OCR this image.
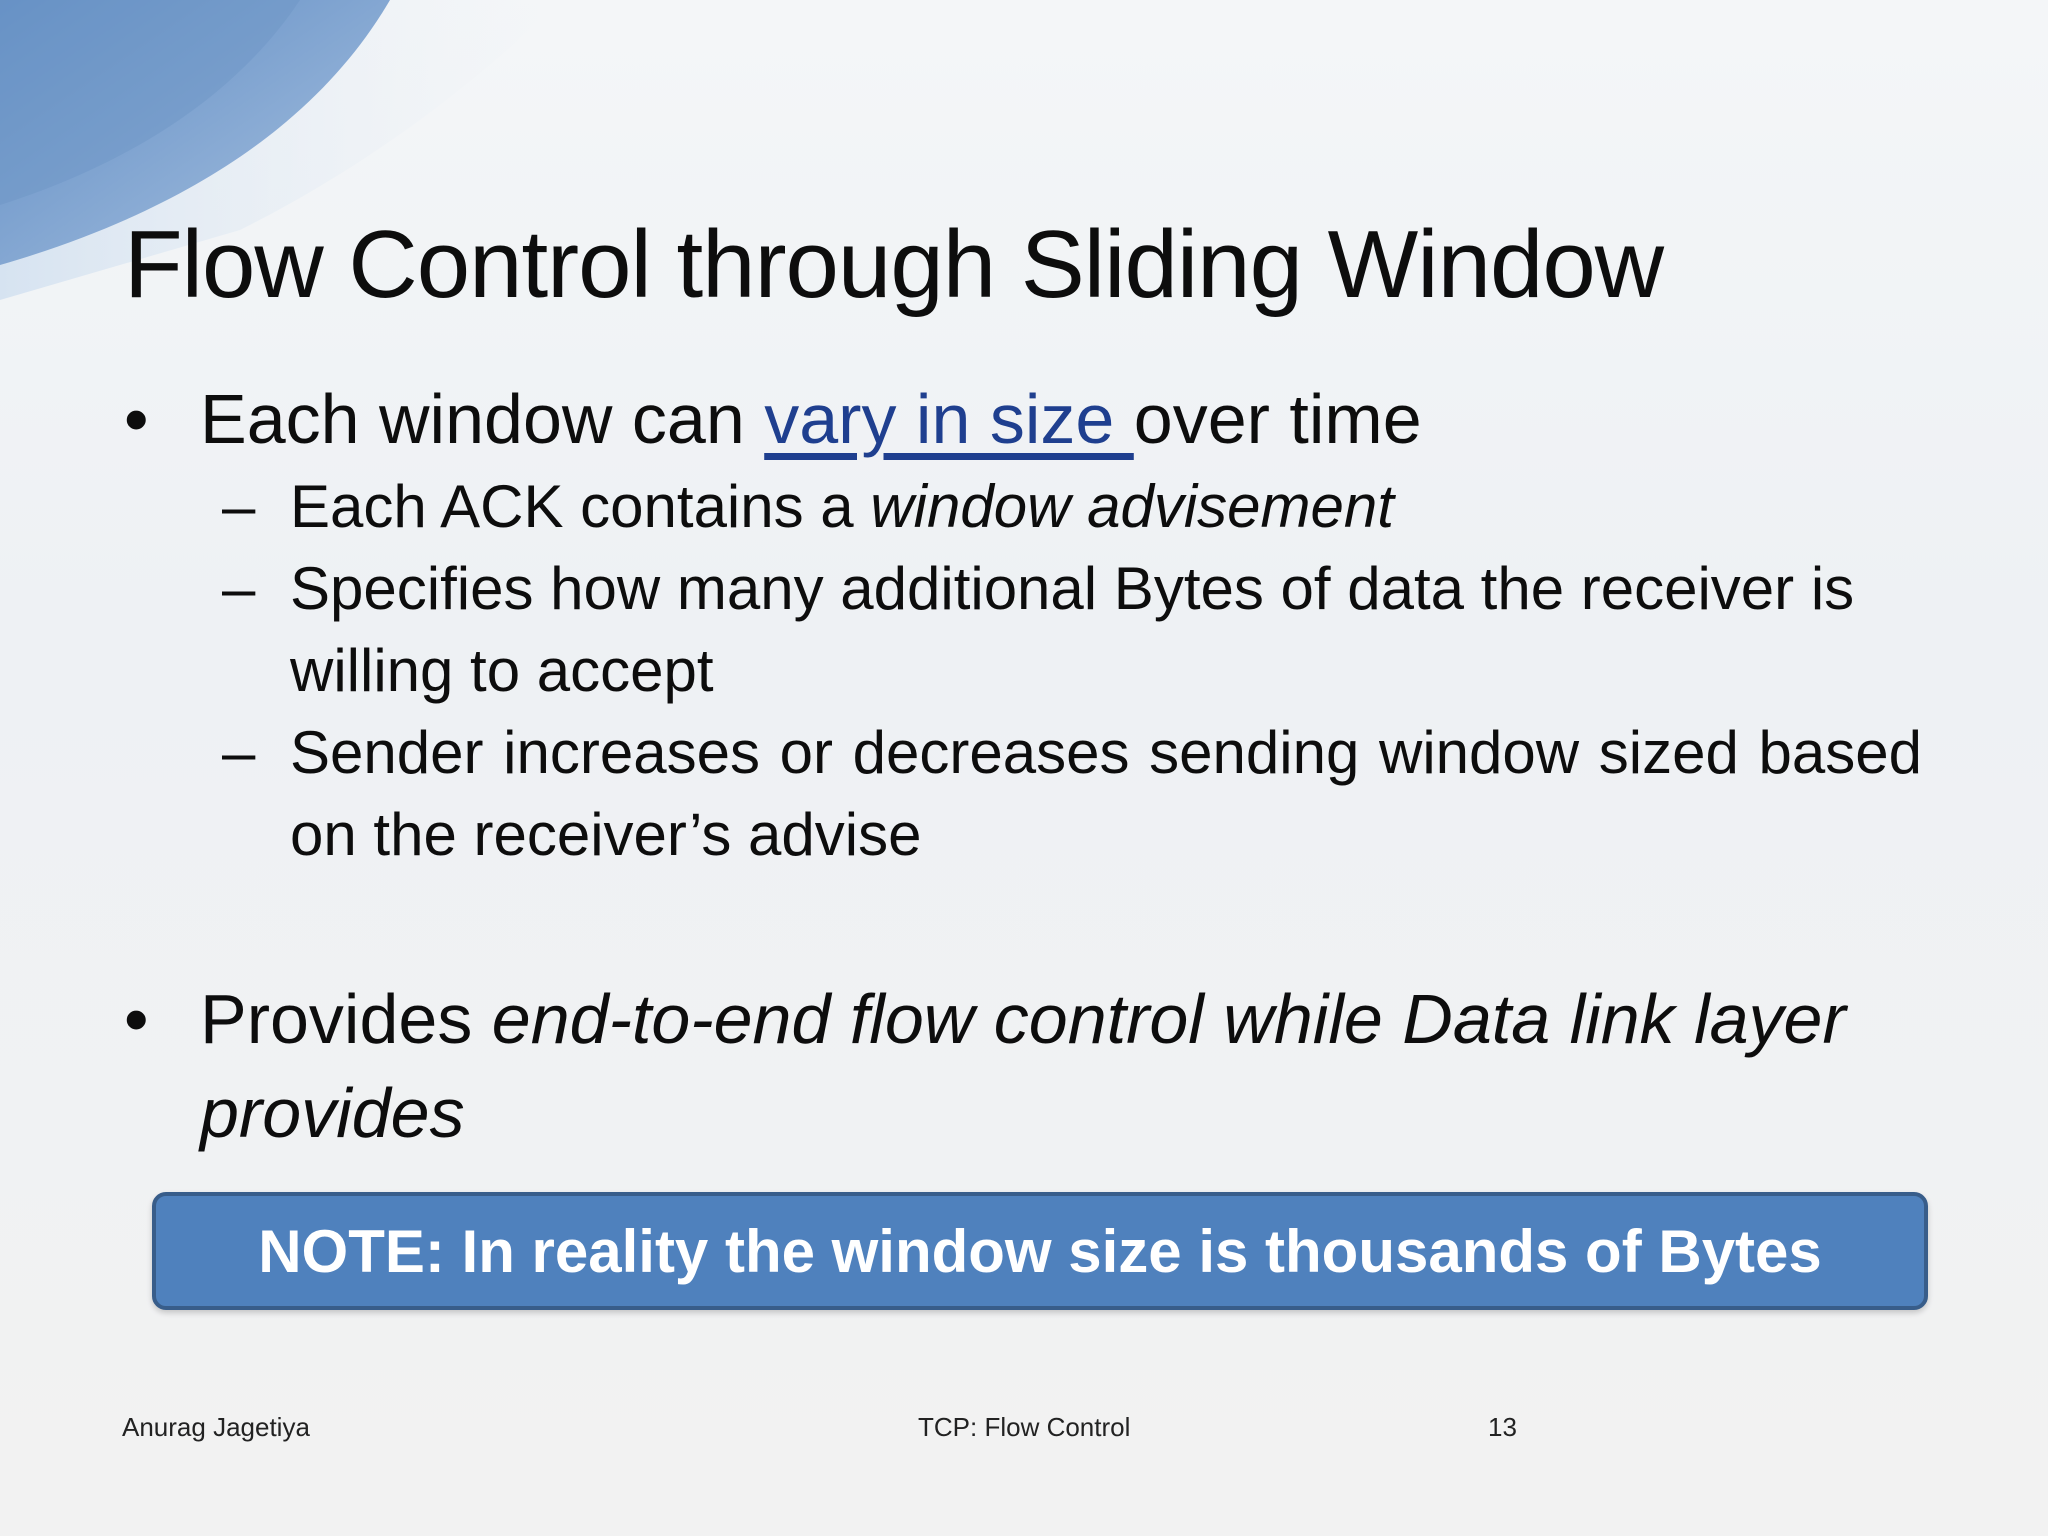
Flow Control through Sliding Window

• Each window can vary in size over time

– Each ACK contains a window advisement

– Specifies how many additional Bytes of data the receiver is willing to accept

– Sender increases or decreases sending window sized based on the receiver’s advise

• Provides end-to-end flow control while Data link layer provides

NOTE: In reality the window size is thousands of Bytes
Anurag Jagetiya	TCP: Flow Control	13
